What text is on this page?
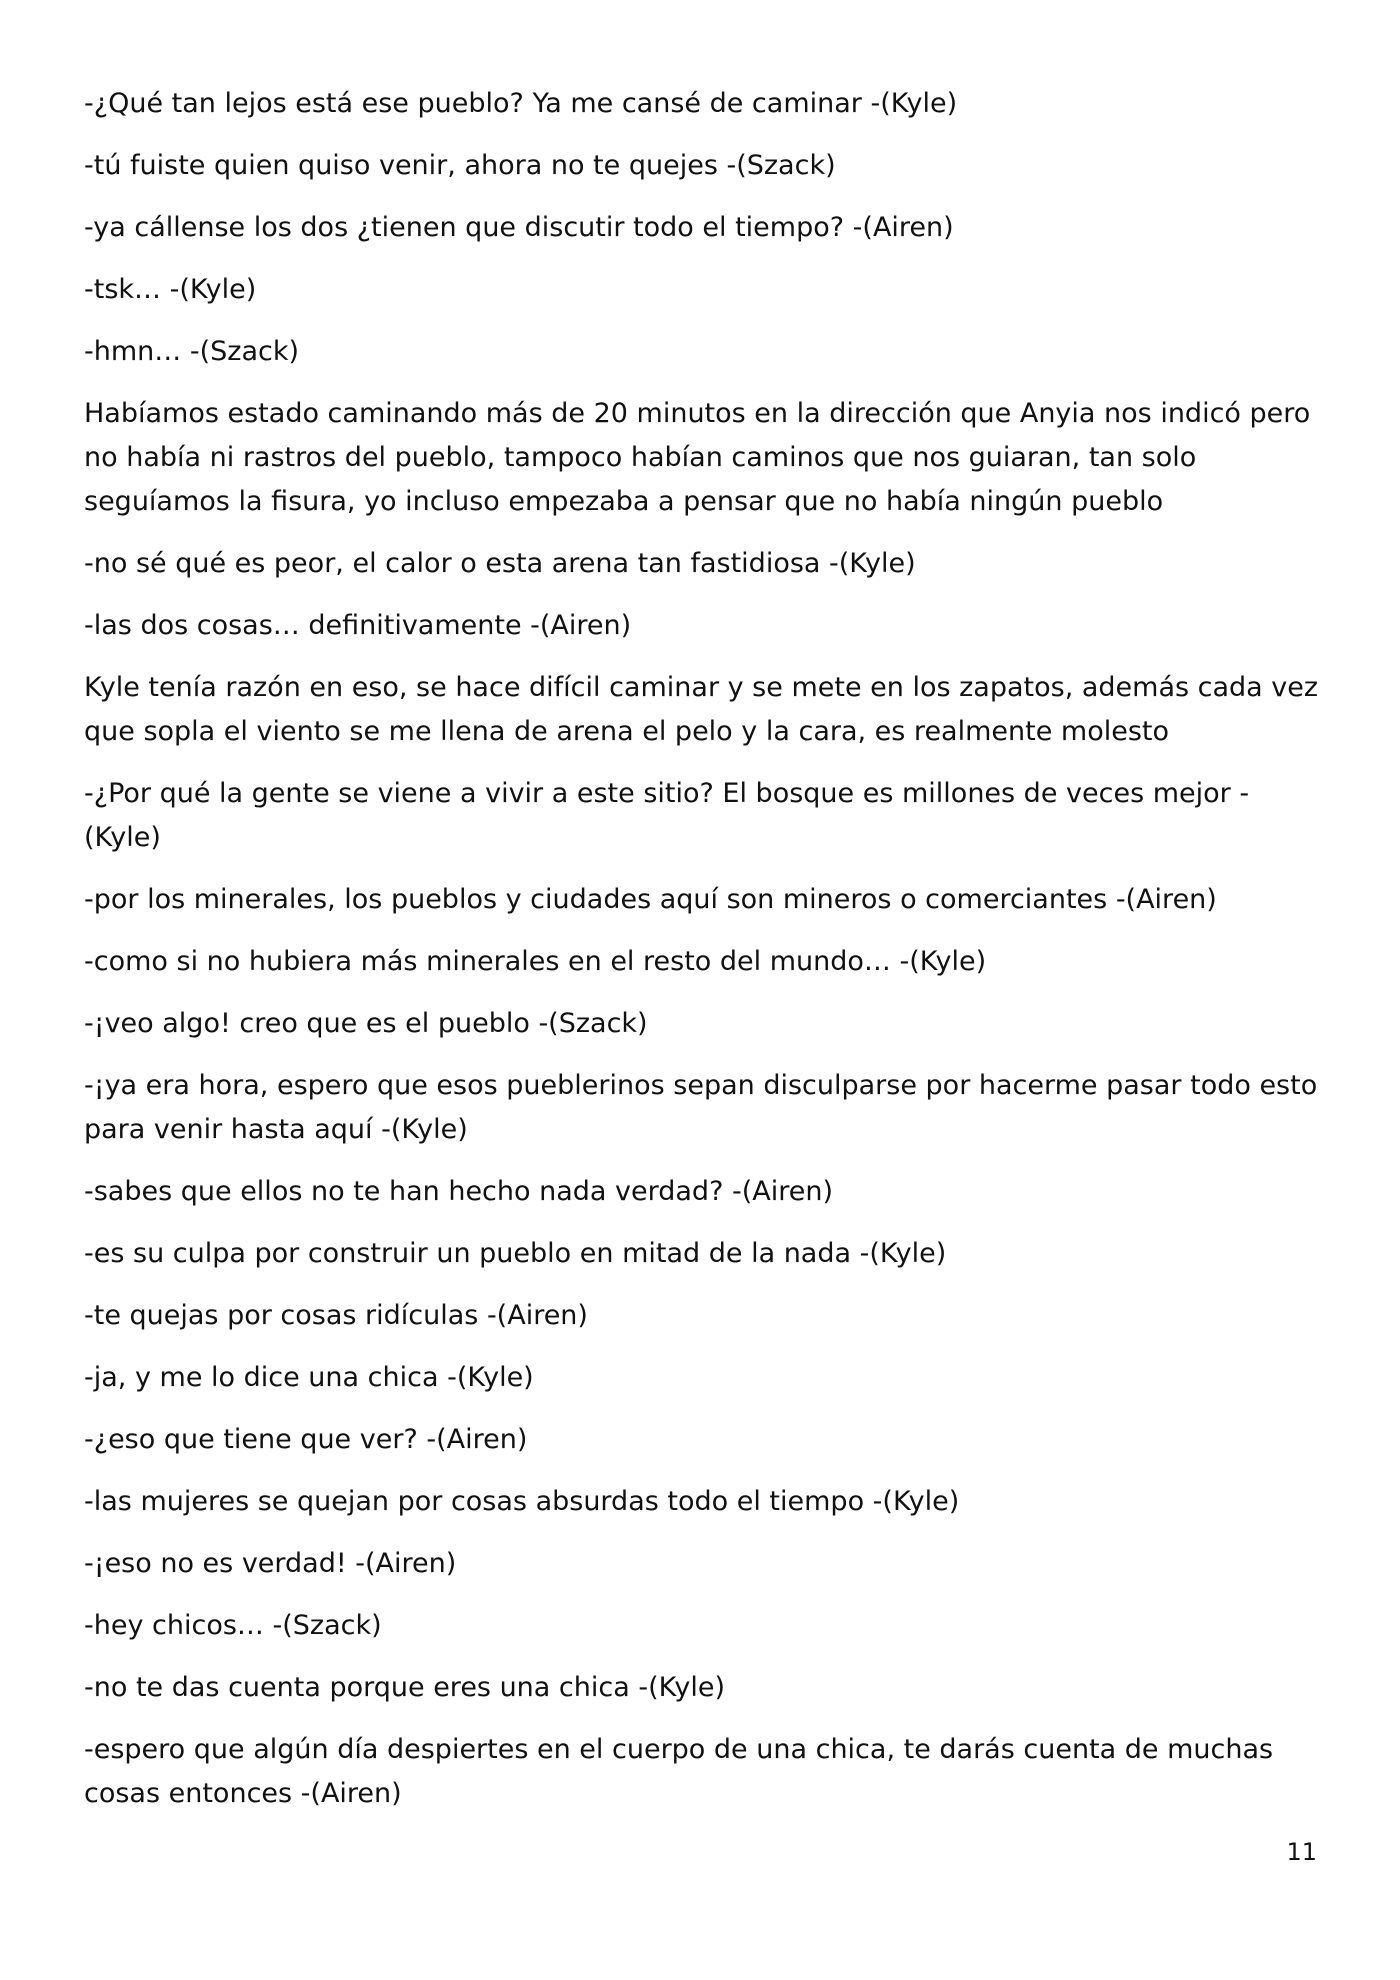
-¿Qué tan lejos está ese pueblo? Ya me cansé de caminar -(Kyle)

-tú fuiste quien quiso venir, ahora no te quejes -(Szack)

-ya cállense los dos ¿tienen que discutir todo el tiempo? -(Airen)

-tsk… -(Kyle)

-hmn… -(Szack)

Habíamos estado caminando más de 20 minutos en la dirección que Anyia nos indicó pero no había ni rastros del pueblo, tampoco habían caminos que nos guiaran, tan solo seguíamos la fisura, yo incluso empezaba a pensar que no había ningún pueblo

-no sé qué es peor, el calor o esta arena tan fastidiosa -(Kyle)

-las dos cosas… definitivamente -(Airen)

Kyle tenía razón en eso, se hace difícil caminar y se mete en los zapatos, además cada vez que sopla el viento se me llena de arena el pelo y la cara, es realmente molesto

-¿Por qué la gente se viene a vivir a este sitio? El bosque es millones de veces mejor -(Kyle)

-por los minerales, los pueblos y ciudades aquí son mineros o comerciantes -(Airen)

-como si no hubiera más minerales en el resto del mundo… -(Kyle)

-¡veo algo! creo que es el pueblo -(Szack)

-¡ya era hora, espero que esos pueblerinos sepan disculparse por hacerme pasar todo esto para venir hasta aquí -(Kyle)

-sabes que ellos no te han hecho nada verdad? -(Airen)

-es su culpa por construir un pueblo en mitad de la nada -(Kyle)

-te quejas por cosas ridículas -(Airen)

-ja, y me lo dice una chica -(Kyle)

-¿eso que tiene que ver? -(Airen)

-las mujeres se quejan por cosas absurdas todo el tiempo -(Kyle)

-¡eso no es verdad! -(Airen)

-hey chicos… -(Szack)

-no te das cuenta porque eres una chica -(Kyle)

-espero que algún día despiertes en el cuerpo de una chica, te darás cuenta de muchas cosas entonces -(Airen)

11
